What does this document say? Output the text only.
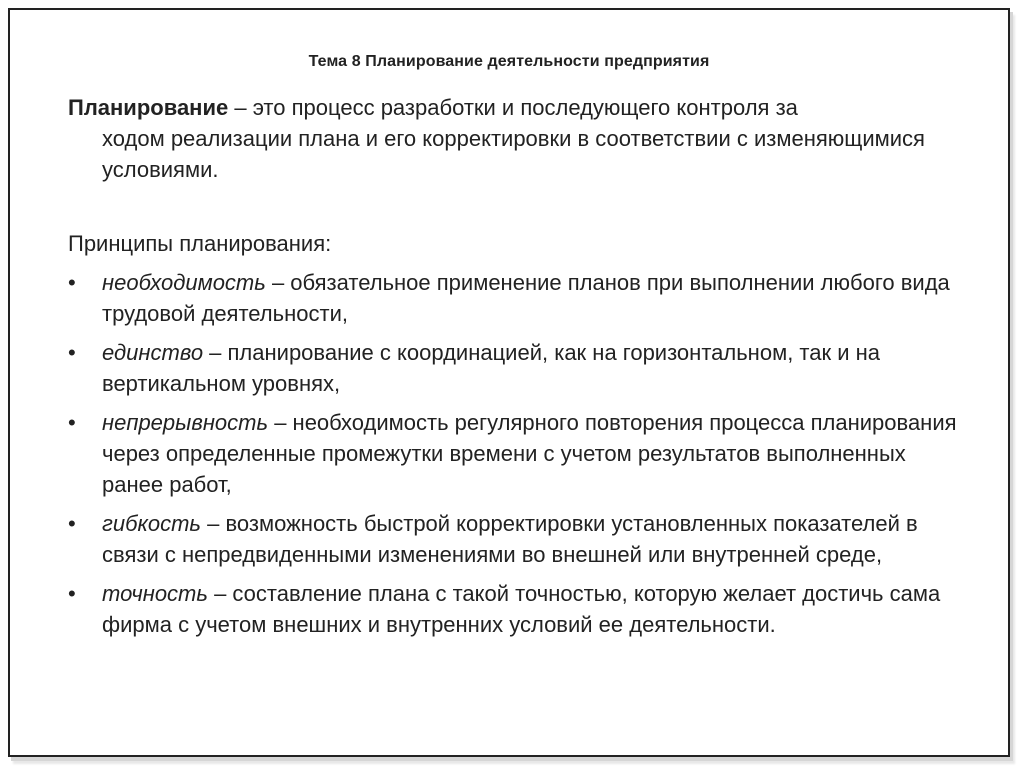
Тема 8 Планирование деятельности предприятия
Планирование – это процесс разработки и последующего контроля за
ходом реализации плана и его корректировки в соответствии с изменяющимися условиями.
Принципы планирования:
• необходимость – обязательное применение планов при выполнении любого вида трудовой деятельности,
• единство – планирование с координацией, как на горизонтальном, так и на вертикальном уровнях,
• непрерывность – необходимость регулярного повторения процесса планирования через определенные промежутки времени с учетом результатов выполненных ранее работ,
• гибкость – возможность быстрой корректировки установленных показателей в связи с непредвиденными изменениями во внешней или внутренней среде,
• точность – составление плана с такой точностью, которую желает достичь сама фирма с учетом внешних и внутренних условий ее деятельности.
